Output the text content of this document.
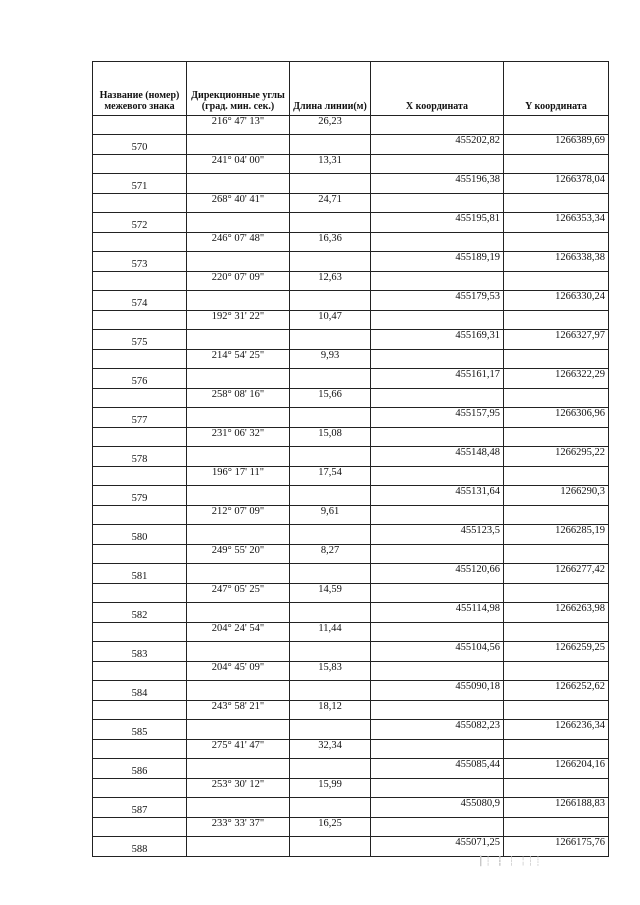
Название (номер) межевого знака	Дирекционные углы (град. мин. сек.)	Длина линии(м)	X координата	Y координата
	216° 47' 13"	26,23		
570			455202,82	1266389,69
	241° 04' 00"	13,31		
571			455196,38	1266378,04
	268° 40' 41"	24,71		
572			455195,81	1266353,34
	246° 07' 48"	16,36		
573			455189,19	1266338,38
	220° 07' 09"	12,63		
574			455179,53	1266330,24
	192° 31' 22"	10,47		
575			455169,31	1266327,97
	214° 54' 25"	9,93		
576			455161,17	1266322,29
	258° 08' 16"	15,66		
577			455157,95	1266306,96
	231° 06' 32"	15,08		
578			455148,48	1266295,22
	196° 17' 11"	17,54		
579			455131,64	1266290,3
	212° 07' 09"	9,61		
580			455123,5	1266285,19
	249° 55' 20"	8,27		
581			455120,66	1266277,42
	247° 05' 25"	14,59		
582			455114,98	1266263,98
	204° 24' 54"	11,44		
583			455104,56	1266259,25
	204° 45' 09"	15,83		
584			455090,18	1266252,62
	243° 58' 21"	18,12		
585			455082,23	1266236,34
	275° 41' 47"	32,34		
586			455085,44	1266204,16
	253° 30' 12"	15,99		
587			455080,9	1266188,83
	233° 33' 37"	16,25		
588			455071,25	1266175,76
┃┆ ┇ ┆ ╎┆┊
